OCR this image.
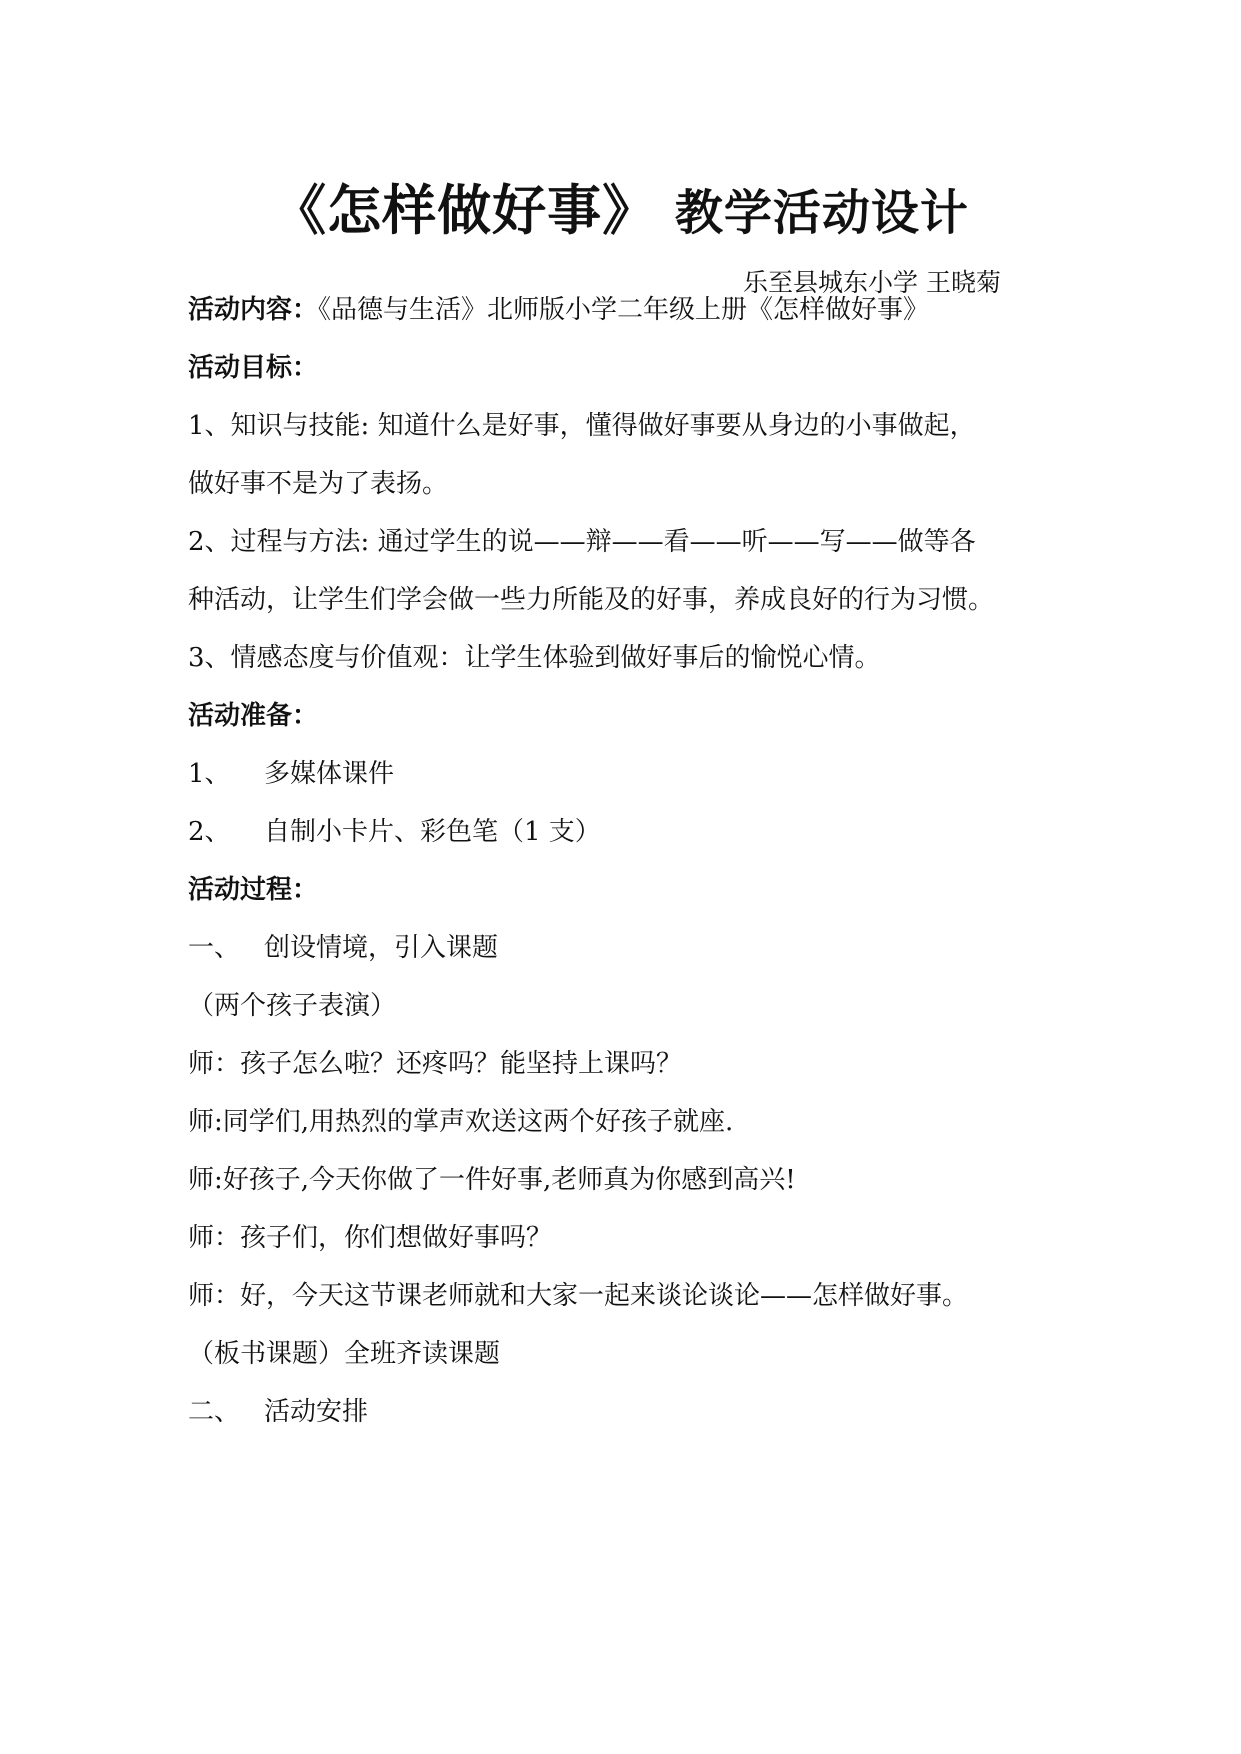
《怎样做好事》 教学活动设计
乐至县城东小学 王晓菊
活动内容：《品德与生活》北师版小学二年级上册《怎样做好事》
活动目标：
1、知识与技能: 知道什么是好事，懂得做好事要从身边的小事做起，
做好事不是为了表扬。
2、过程与方法: 通过学生的说——辩——看——听——写——做等各
种活动，让学生们学会做一些力所能及的好事，养成良好的行为习惯。
3、情感态度与价值观：让学生体验到做好事后的愉悦心情。
活动准备：
1、 多媒体课件
2、 自制小卡片、彩色笔（1 支）
活动过程：
一、 创设情境，引入课题
（两个孩子表演）
师：孩子怎么啦？还疼吗？能坚持上课吗？
师:同学们,用热烈的掌声欢送这两个好孩子就座.
师:好孩子,今天你做了一件好事,老师真为你感到高兴!
师：孩子们，你们想做好事吗？
师：好，今天这节课老师就和大家一起来谈论谈论——怎样做好事。
（板书课题）全班齐读课题
二、 活动安排
